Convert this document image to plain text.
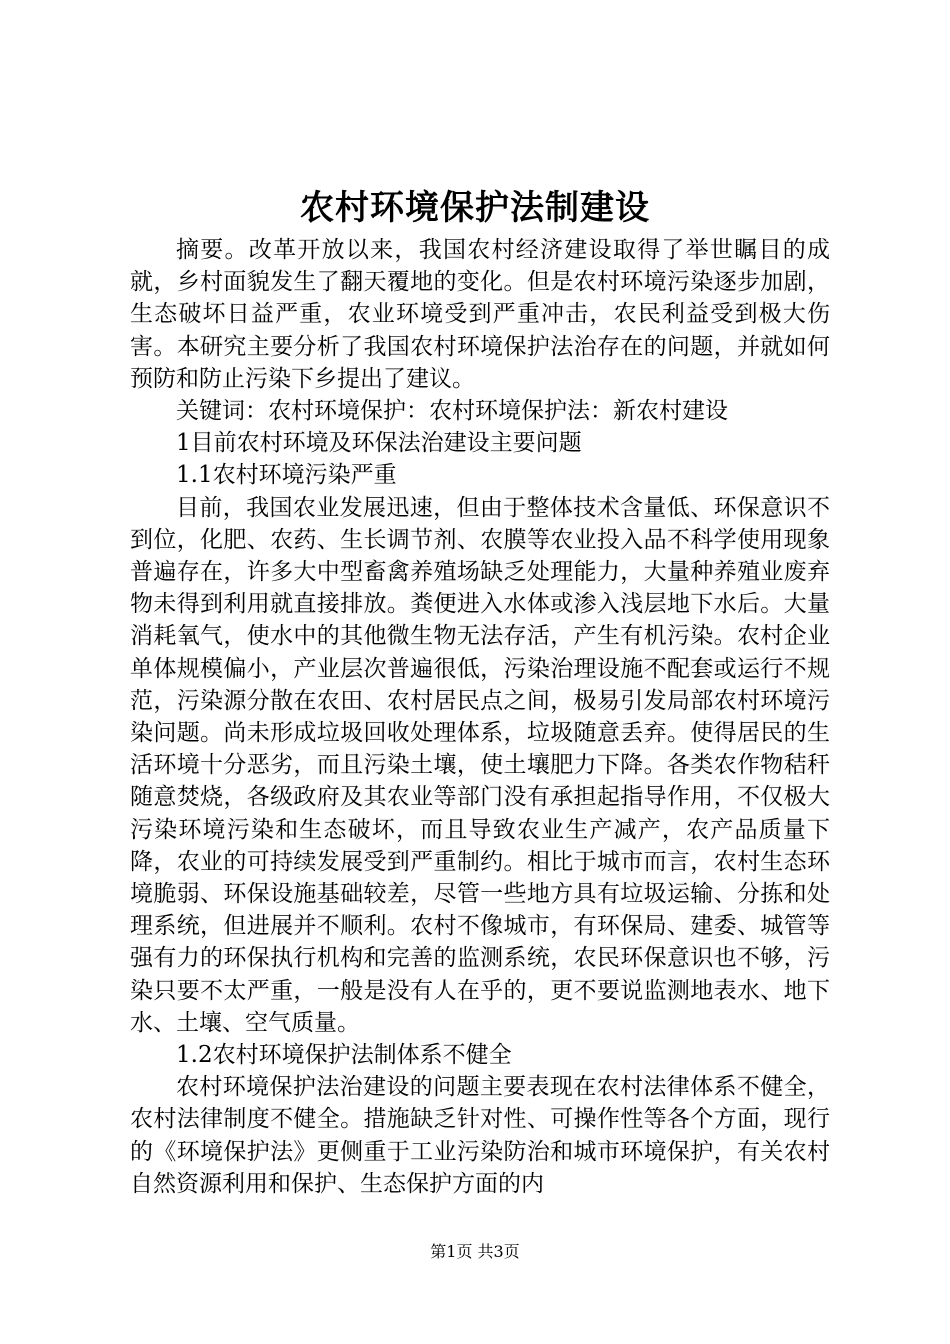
农村环境保护法制建设

摘要。改革开放以来，我国农村经济建设取得了举世瞩目的成就，乡村面貌发生了翻天覆地的变化。但是农村环境污染逐步加剧，生态破坏日益严重，农业环境受到严重冲击，农民利益受到极大伤害。本研究主要分析了我国农村环境保护法治存在的问题，并就如何预防和防止污染下乡提出了建议。

关键词：农村环境保护：农村环境保护法：新农村建设

1目前农村环境及环保法治建设主要问题

1.1农村环境污染严重

目前，我国农业发展迅速，但由于整体技术含量低、环保意识不到位，化肥、农药、生长调节剂、农膜等农业投入品不科学使用现象普遍存在，许多大中型畜禽养殖场缺乏处理能力，大量种养殖业废弃物未得到利用就直接排放。粪便进入水体或渗入浅层地下水后。大量消耗氧气，使水中的其他微生物无法存活，产生有机污染。农村企业单体规模偏小，产业层次普遍很低，污染治理设施不配套或运行不规范，污染源分散在农田、农村居民点之间，极易引发局部农村环境污染问题。尚未形成垃圾回收处理体系，垃圾随意丢弃。使得居民的生活环境十分恶劣，而且污染土壤，使土壤肥力下降。各类农作物秸秆随意焚烧，各级政府及其农业等部门没有承担起指导作用，不仅极大污染环境污染和生态破坏，而且导致农业生产减产，农产品质量下降，农业的可持续发展受到严重制约。相比于城市而言，农村生态环境脆弱、环保设施基础较差，尽管一些地方具有垃圾运输、分拣和处理系统，但进展并不顺利。农村不像城市，有环保局、建委、城管等强有力的环保执行机构和完善的监测系统，农民环保意识也不够，污染只要不太严重，一般是没有人在乎的，更不要说监测地表水、地下水、土壤、空气质量。

1.2农村环境保护法制体系不健全

农村环境保护法治建设的问题主要表现在农村法律体系不健全，农村法律制度不健全。措施缺乏针对性、可操作性等各个方面，现行的《环境保护法》更侧重于工业污染防治和城市环境保护，有关农村自然资源利用和保护、生态保护方面的内

第1页 共3页
